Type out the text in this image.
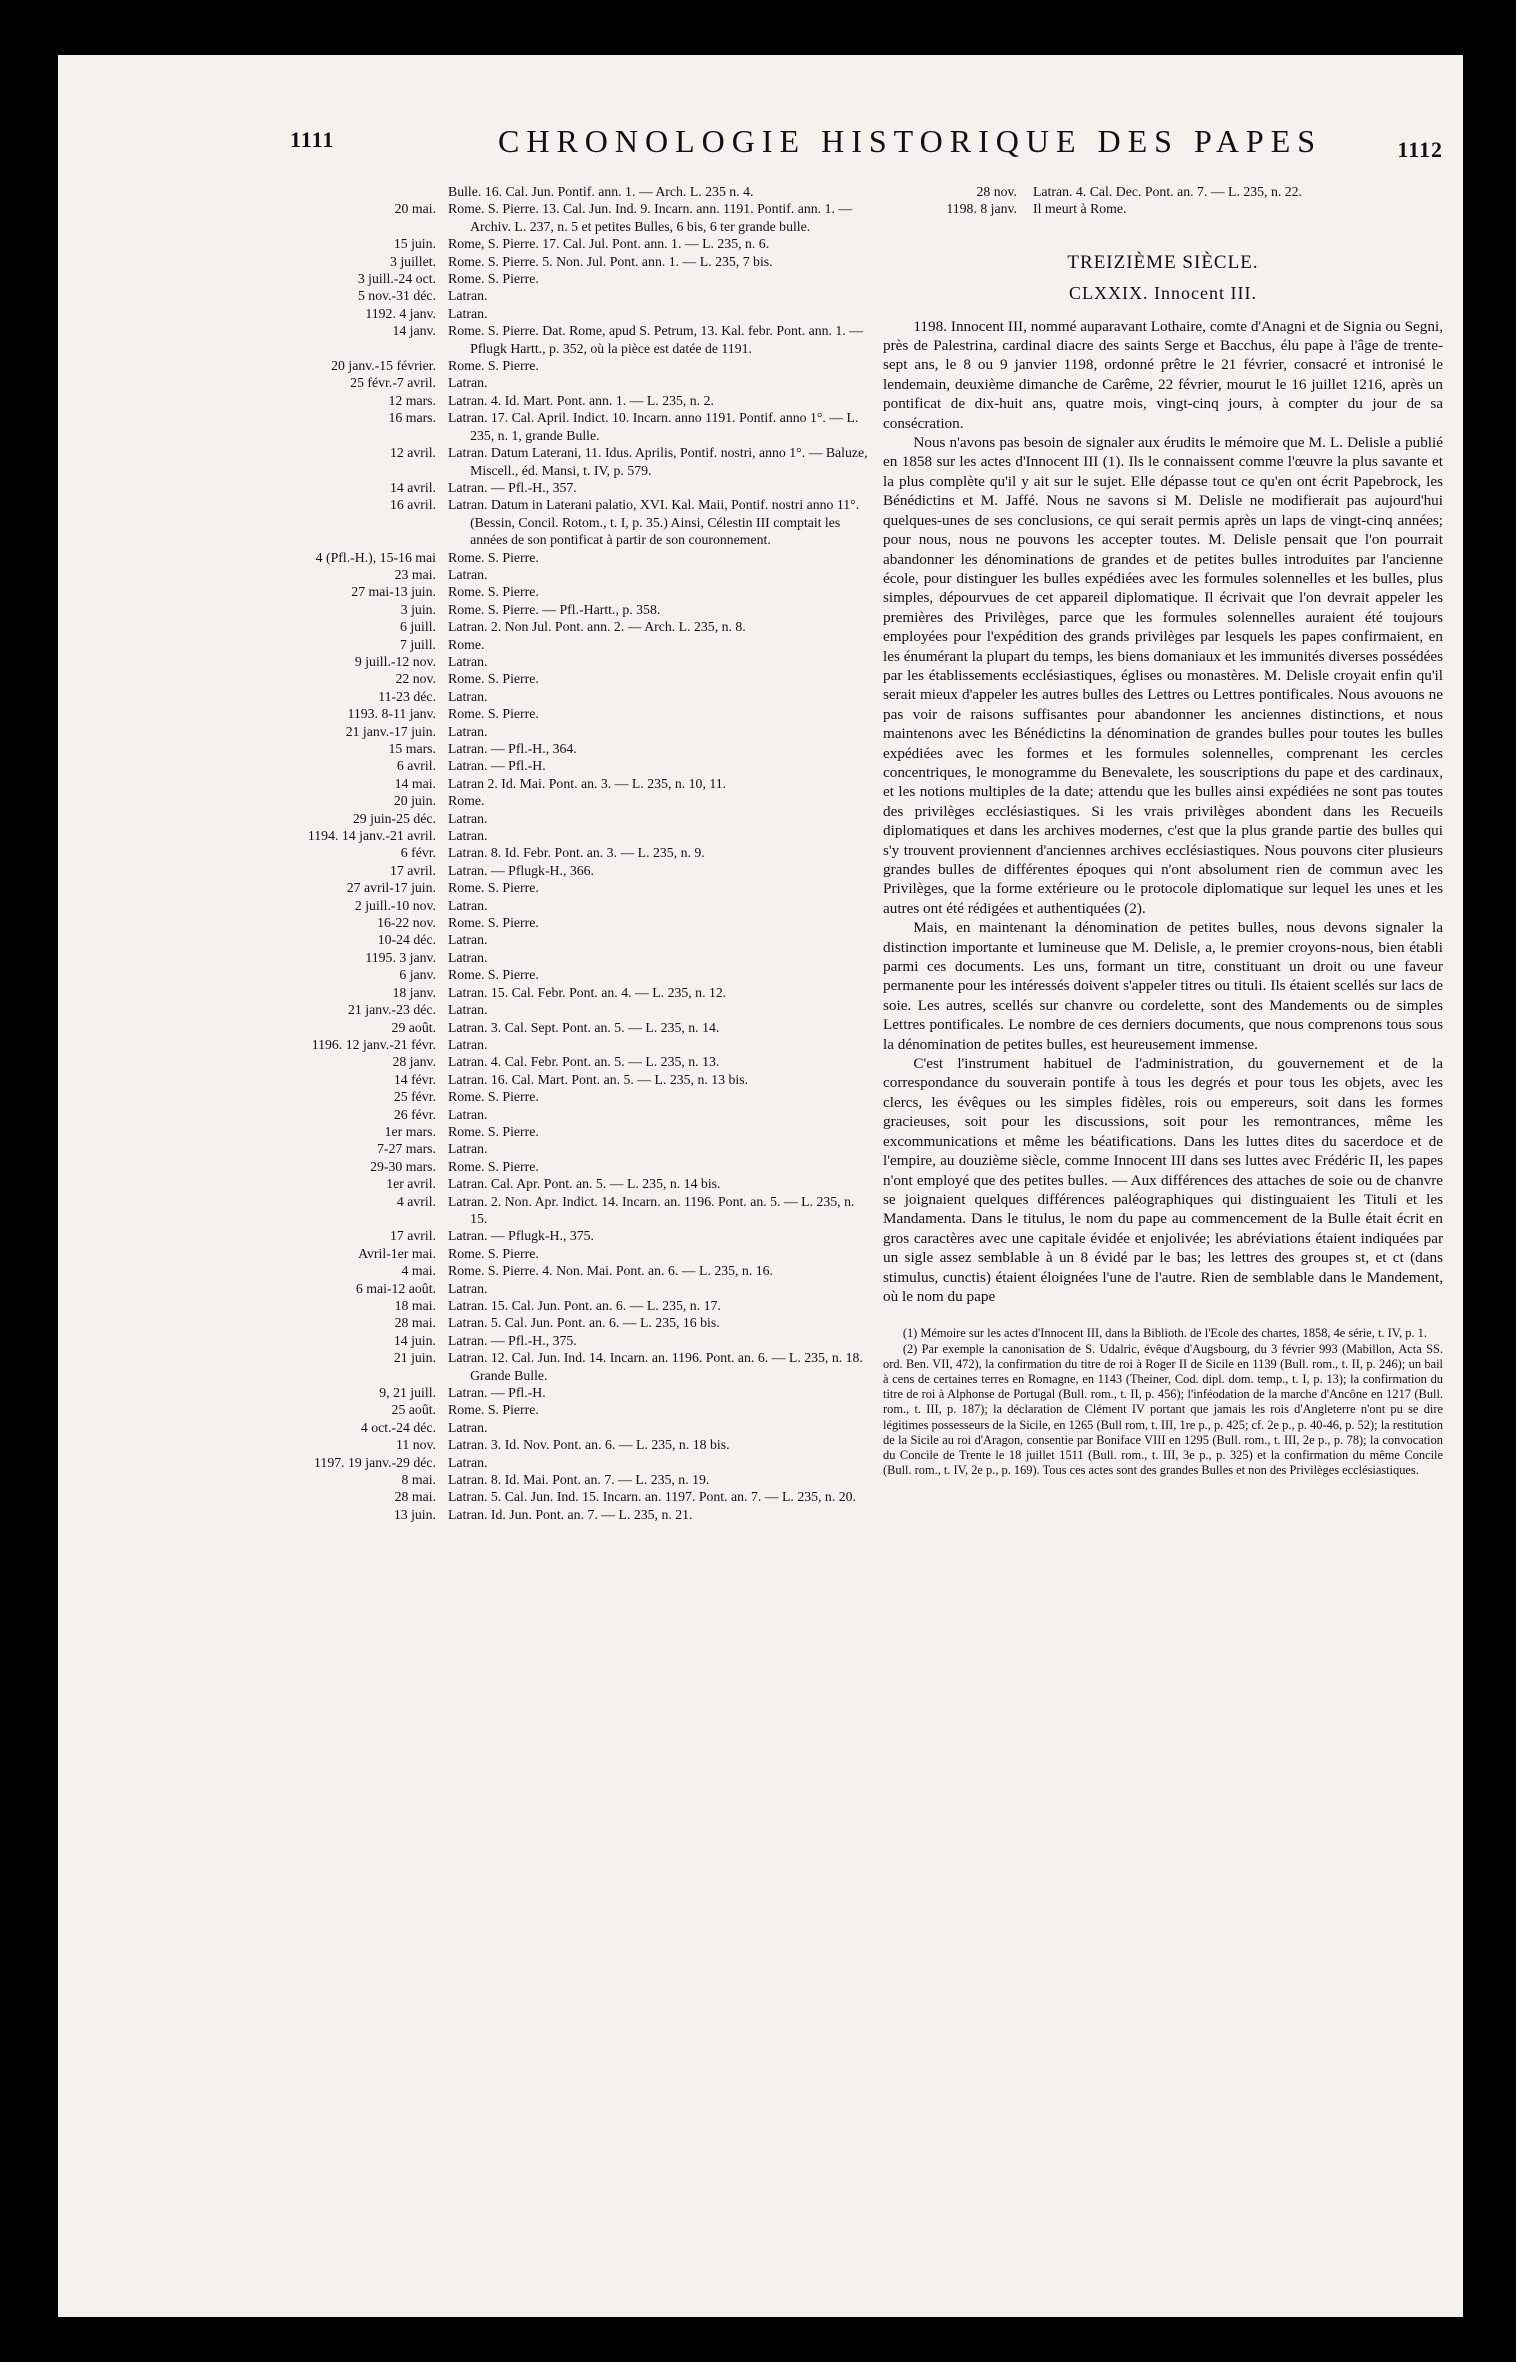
1111	CHRONOLOGIE HISTORIQUE DES PAPES	1112
Bulle. 16. Cal. Jun. Pontif. ann. 1. — Arch. L. 235 n. 4.
20 mai. Rome. S. Pierre. 13. Cal. Jun. Ind. 9. Incarn. ann. 1191. Pontif. ann. 1. — Archiv. L. 237, n. 5 et petites Bulles, 6 bis, 6 ter grande bulle.
15 juin. Rome, S. Pierre. 17. Cal. Jul. Pont. ann. 1. — L. 235, n. 6.
3 juillet. Rome. S. Pierre. 5. Non. Jul. Pont. ann. 1. — L. 235, 7 bis.
3 juill.-24 oct. Rome. S. Pierre.
5 nov.-31 déc. Latran.
1192. 4 janv. Latran.
14 janv. Rome. S. Pierre. Dat. Rome, apud S. Petrum, 13. Kal. febr. Pont. ann. 1. — Pflugk Hartt., p. 352, où la pièce est datée de 1191.
20 janv.-15 février. Rome. S. Pierre.
25 févr.-7 avril. Latran.
12 mars. Latran. 4. Id. Mart. Pont. ann. 1. — L. 235, n. 2.
16 mars. Latran. 17. Cal. April. Indict. 10. Incarn. anno 1191. Pontif. anno 1°. — L. 235, n. 1, grande Bulle.
12 avril. Latran. Datum Laterani, 11. Idus. Aprilis, Pontif. nostri, anno 1°. — Baluze, Miscell., éd. Mansi, t. IV, p. 579.
14 avril. Latran. — Pfl.-H., 357.
16 avril. Latran. Datum in Laterani palatio, XVI. Kal. Maii, Pontif. nostri anno 11°. (Bessin, Concil. Rotom., t. I, p. 35.) Ainsi, Célestin III comptait les années de son pontificat à partir de son couronnement.
4 (Pfl.-H.), 15-16 mai Rome. S. Pierre.
23 mai. Latran.
27 mai-13 juin. Rome. S. Pierre.
3 juin. Rome. S. Pierre. — Pfl.-Hartt., p. 358.
6 juill. Latran. 2. Non Jul. Pont. ann. 2. — Arch. L. 235, n. 8.
7 juill. Rome.
9 juill.-12 nov. Latran.
22 nov. Rome. S. Pierre.
11-23 déc. Latran.
1193. 8-11 janv. Rome. S. Pierre.
21 janv.-17 juin. Latran.
15 mars. Latran. — Pfl.-H., 364.
6 avril. Latran. — Pfl.-H.
14 mai. Latran 2. Id. Mai. Pont. an. 3. — L. 235, n. 10, 11.
20 juin. Rome.
29 juin-25 déc. Latran.
1194. 14 janv.-21 avril. Latran.
6 févr. Latran. 8. Id. Febr. Pont. an. 3. — L. 235, n. 9.
17 avril. Latran. — Pflugk-H., 366.
27 avril-17 juin. Rome. S. Pierre.
2 juill.-10 nov. Latran.
16-22 nov. Rome. S. Pierre.
10-24 déc. Latran.
1195. 3 janv. Latran.
6 janv. Rome. S. Pierre.
18 janv. Latran. 15. Cal. Febr. Pont. an. 4. — L. 235, n. 12.
21 janv.-23 déc. Latran.
29 août. Latran. 3. Cal. Sept. Pont. an. 5. — L. 235, n. 14.
1196. 12 janv.-21 févr. Latran.
28 janv. Latran. 4. Cal. Febr. Pont. an. 5. — L. 235, n. 13.
14 févr. Latran. 16. Cal. Mart. Pont. an. 5. — L. 235, n. 13 bis.
25 févr. Rome. S. Pierre.
26 févr. Latran.
1er mars. Rome. S. Pierre.
7-27 mars. Latran.
29-30 mars. Rome. S. Pierre.
1er avril. Latran. Cal. Apr. Pont. an. 5. — L. 235, n. 14 bis.
4 avril. Latran. 2. Non. Apr. Indict. 14. Incarn. an. 1196. Pont. an. 5. — L. 235, n. 15.
17 avril. Latran. — Pflugk-H., 375.
Avril-1er mai. Rome. S. Pierre.
4 mai. Rome. S. Pierre. 4. Non. Mai. Pont. an. 6. — L. 235, n. 16.
6 mai-12 août. Latran.
18 mai. Latran. 15. Cal. Jun. Pont. an. 6. — L. 235, n. 17.
28 mai. Latran. 5. Cal. Jun. Pont. an. 6. — L. 235, 16 bis.
14 juin. Latran. — Pfl.-H., 375.
21 juin. Latran. 12. Cal. Jun. Ind. 14. Incarn. an. 1196. Pont. an. 6. — L. 235, n. 18. Grande Bulle.
9, 21 juill. Latran. — Pfl.-H.
25 août. Rome. S. Pierre.
4 oct.-24 déc. Latran.
11 nov. Latran. 3. Id. Nov. Pont. an. 6. — L. 235, n. 18 bis.
1197. 19 janv.-29 déc. Latran.
8 mai. Latran. 8. Id. Mai. Pont. an. 7. — L. 235, n. 19.
28 mai. Latran. 5. Cal. Jun. Ind. 15. Incarn. an. 1197. Pont. an. 7. — L. 235, n. 20.
13 juin. Latran. Id. Jun. Pont. an. 7. — L. 235, n. 21.
28 nov.	Latran. 4. Cal. Dec. Pont. an. 7. — L. 235, n. 22.
1198. 8 janv.	Il meurt à Rome.
TREIZIÈME SIÈCLE.
CLXXIX. Innocent III.

1198. Innocent III, nommé auparavant Lothaire, comte d'Anagni et de Signia ou Segni, près de Palestrina, cardinal diacre des saints Serge et Bacchus, élu pape à l'âge de trente-sept ans, le 8 ou 9 janvier 1198, ordonné prêtre le 21 février, consacré et intronisé le lendemain, deuxième dimanche de Carême, 22 février, mourut le 16 juillet 1216, après un pontificat de dix-huit ans, quatre mois, vingt-cinq jours, à compter du jour de sa consécration.

Nous n'avons pas besoin de signaler aux érudits le mémoire que M. L. Delisle a publié en 1858 sur les actes d'Innocent III (1). Ils le connaissent comme l'œuvre la plus savante et la plus complète qu'il y ait sur le sujet. Elle dépasse tout ce qu'en ont écrit Papebrock, les Bénédictins et M. Jaffé. Nous ne savons si M. Delisle ne modifierait pas aujourd'hui quelques-unes de ses conclusions, ce qui serait permis après un laps de vingt-cinq années; pour nous, nous ne pouvons les accepter toutes. M. Delisle pensait que l'on pourrait abandonner les dénominations de grandes et de petites bulles introduites par l'ancienne école, pour distinguer les bulles expédiées avec les formules solennelles et les bulles, plus simples, dépourvues de cet appareil diplomatique. Il écrivait que l'on devrait appeler les premières des Privilèges, parce que les formules solennelles auraient été toujours employées pour l'expédition des grands privilèges par lesquels les papes confirmaient, en les énumérant la plupart du temps, les biens domaniaux et les immunités diverses possédées par les établissements ecclésiastiques, églises ou monastères. M. Delisle croyait enfin qu'il serait mieux d'appeler les autres bulles des Lettres ou Lettres pontificales. Nous avouons ne pas voir de raisons suffisantes pour abandonner les anciennes distinctions, et nous maintenons avec les Bénédictins la dénomination de grandes bulles pour toutes les bulles expédiées avec les formes et les formules solennelles, comprenant les cercles concentriques, le monogramme du Benevalete, les souscriptions du pape et des cardinaux, et les notions multiples de la date; attendu que les bulles ainsi expédiées ne sont pas toutes des privilèges ecclésiastiques. Si les vrais privilèges abondent dans les Recueils diplomatiques et dans les archives modernes, c'est que la plus grande partie des bulles qui s'y trouvent proviennent d'anciennes archives ecclésiastiques. Nous pouvons citer plusieurs grandes bulles de différentes époques qui n'ont absolument rien de commun avec les Privilèges, que la forme extérieure ou le protocole diplomatique sur lequel les unes et les autres ont été rédigées et authentiquées (2).

Mais, en maintenant la dénomination de petites bulles, nous devons signaler la distinction importante et lumineuse que M. Delisle, a, le premier croyons-nous, bien établi parmi ces documents. Les uns, formant un titre, constituant un droit ou une faveur permanente pour les intéressés doivent s'appeler titres ou tituli. Ils étaient scellés sur lacs de soie. Les autres, scellés sur chanvre ou cordelette, sont des Mandements ou de simples Lettres pontificales. Le nombre de ces derniers documents, que nous comprenons tous sous la dénomination de petites bulles, est heureusement immense.

C'est l'instrument habituel de l'administration, du gouvernement et de la correspondance du souverain pontife à tous les degrés et pour tous les objets, avec les clercs, les évêques ou les simples fidèles, rois ou empereurs, soit dans les formes gracieuses, soit pour les discussions, soit pour les remontrances, même les excommunications et même les béatifications. Dans les luttes dites du sacerdoce et de l'empire, au douzième siècle, comme Innocent III dans ses luttes avec Frédéric II, les papes n'ont employé que des petites bulles. — Aux différences des attaches de soie ou de chanvre se joignaient quelques différences paléographiques qui distinguaient les Tituli et les Mandamenta. Dans le titulus, le nom du pape au commencement de la Bulle était écrit en gros caractères avec une capitale évidée et enjolivée; les abréviations étaient indiquées par un sigle assez semblable à un 8 évidé par le bas; les lettres des groupes st, et ct (dans stimulus, cunctis) étaient éloignées l'une de l'autre. Rien de semblable dans le Mandement, où le nom du pape

(1) Mémoire sur les actes d'Innocent III, dans la Biblioth. de l'Ecole des chartes, 1858, 4e série, t. IV, p. 1.

(2) Par exemple la canonisation de S. Udalric, évêque d'Augsbourg, du 3 février 993 (Mabillon, Acta SS. ord. Ben. VII, 472), la confirmation du titre de roi à Roger II de Sicile en 1139 (Bull. rom., t. II, p. 246); un bail à cens de certaines terres en Romagne, en 1143 (Theiner, Cod. dipl. dom. temp., t. I, p. 13); la confirmation du titre de roi à Alphonse de Portugal (Bull. rom., t. II, p. 456); l'inféodation de la marche d'Ancône en 1217 (Bull. rom., t. III, p. 187); la déclaration de Clément IV portant que jamais les rois d'Angleterre n'ont pu se dire légitimes possesseurs de la Sicile, en 1265 (Bull rom, t. III, 1re p., p. 425; cf. 2e p., p. 40-46, p. 52); la restitution de la Sicile au roi d'Aragon, consentie par Boniface VIII en 1295 (Bull. rom., t. III, 2e p., p. 78); la convocation du Concile de Trente le 18 juillet 1511 (Bull. rom., t. III, 3e p., p. 325) et la confirmation du même Concile (Bull. rom., t. IV, 2e p., p. 169). Tous ces actes sont des grandes Bulles et non des Privilèges ecclésiastiques.
